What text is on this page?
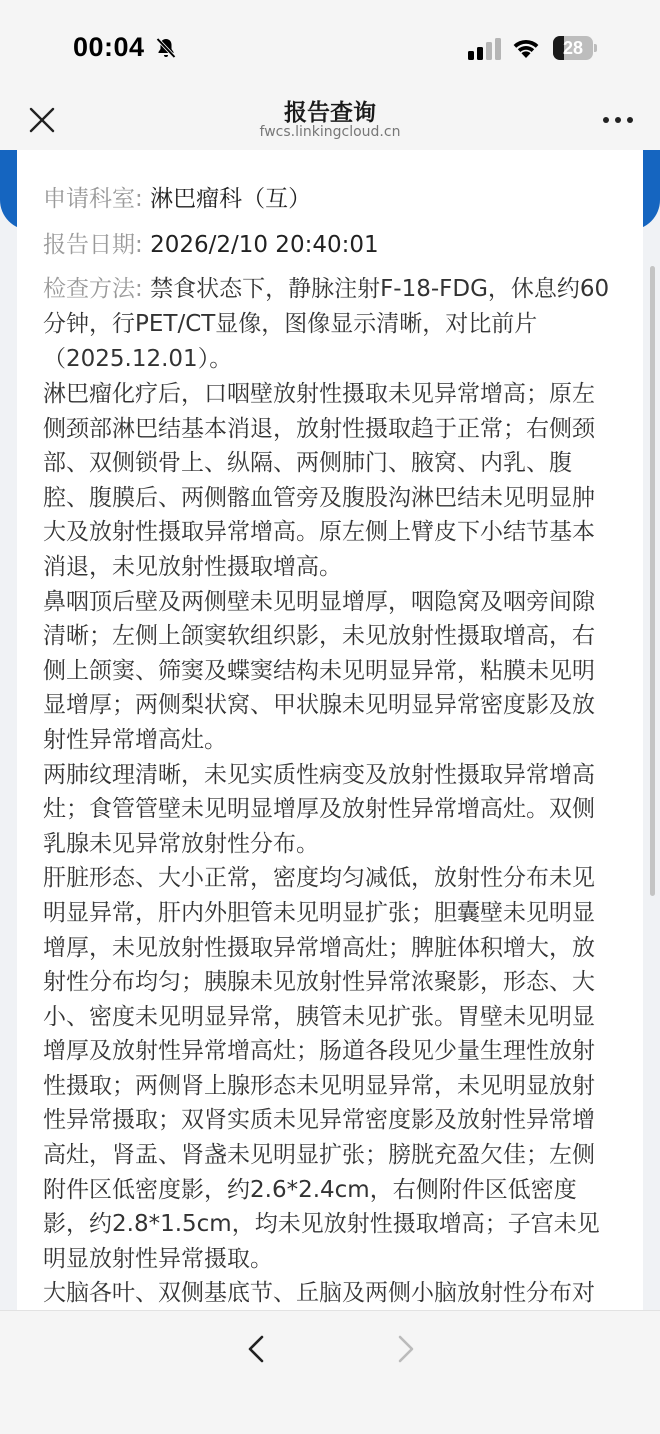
00:04	28
报告查询
fwcs.linkingcloud.cn
申请科室: 淋巴瘤科（互）
报告日期: 2026/2/10 20:40:01
检查方法: 禁食状态下，静脉注射F-18-FDG，休息约60分钟，行PET/CT显像，图像显示清晰，对比前片（2025.12.01）。
淋巴瘤化疗后，口咽壁放射性摄取未见异常增高；原左侧颈部淋巴结基本消退，放射性摄取趋于正常；右侧颈部、双侧锁骨上、纵隔、两侧肺门、腋窝、内乳、腹腔、腹膜后、两侧髂血管旁及腹股沟淋巴结未见明显肿大及放射性摄取异常增高。原左侧上臂皮下小结节基本消退，未见放射性摄取增高。
鼻咽顶后壁及两侧壁未见明显增厚，咽隐窝及咽旁间隙清晰；左侧上颌窦软组织影，未见放射性摄取增高，右侧上颌窦、筛窦及蝶窦结构未见明显异常，粘膜未见明显增厚；两侧梨状窝、甲状腺未见明显异常密度影及放射性异常增高灶。
两肺纹理清晰，未见实质性病变及放射性摄取异常增高灶；食管管壁未见明显增厚及放射性异常增高灶。双侧乳腺未见异常放射性分布。
肝脏形态、大小正常，密度均匀减低，放射性分布未见明显异常，肝内外胆管未见明显扩张；胆囊壁未见明显增厚，未见放射性摄取异常增高灶；脾脏体积增大，放射性分布均匀；胰腺未见放射性异常浓聚影，形态、大小、密度未见明显异常，胰管未见扩张。胃壁未见明显增厚及放射性异常增高灶；肠道各段见少量生理性放射性摄取；两侧肾上腺形态未见明显异常，未见明显放射性异常摄取；双肾实质未见异常密度影及放射性异常增高灶，肾盂、肾盏未见明显扩张；膀胱充盈欠佳；左侧附件区低密度影，约2.6*2.4cm，右侧附件区低密度影，约2.8*1.5cm，均未见放射性摄取增高；子宫未见明显放射性异常摄取。
大脑各叶、双侧基底节、丘脑及两侧小脑放射性分布对
